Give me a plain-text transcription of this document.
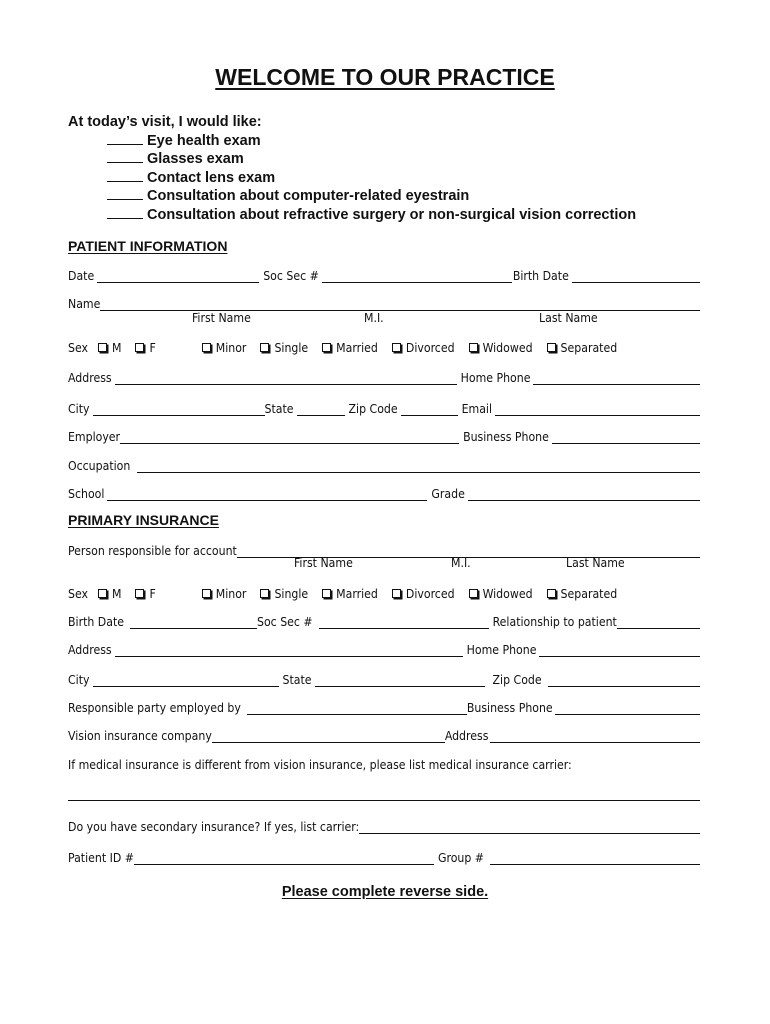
WELCOME TO OUR PRACTICE
At today’s visit, I would like:
Eye health exam
Glasses exam
Contact lens exam
Consultation about computer-related eyestrain
Consultation about refractive surgery or non-surgical vision correction
PATIENT INFORMATION
Date	Soc Sec #	Birth Date
Name
First Name	M.I.	Last Name
Sex	M F	Minor Single Married Divorced Widowed Separated
Address	Home Phone
City	State	Zip Code	Email
Employer	Business Phone
Occupation
School	Grade
PRIMARY INSURANCE
Person responsible for account
First Name	M.I.	Last Name
Sex	M F	Minor Single Married Divorced Widowed Separated
Birth Date	Soc Sec #	Relationship to patient
Address	Home Phone
City	State	Zip Code
Responsible party employed by	Business Phone
Vision insurance company	Address
If medical insurance is different from vision insurance, please list medical insurance carrier:
Do you have secondary insurance? If yes, list carrier:
Patient ID #	Group #
Please complete reverse side.
